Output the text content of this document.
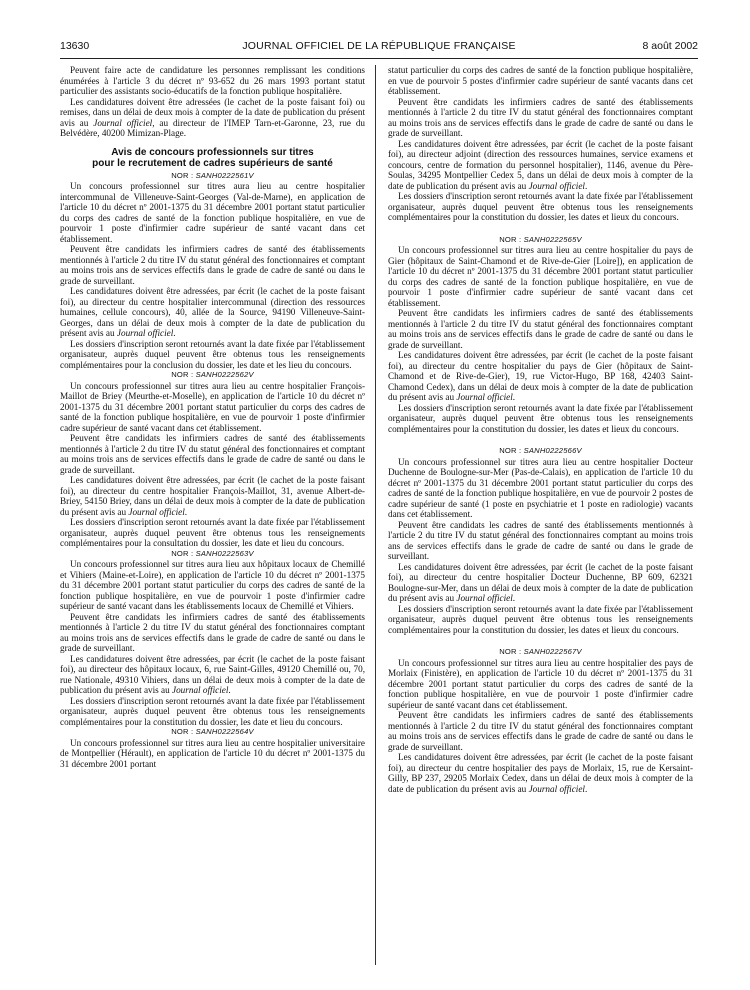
13630	JOURNAL OFFICIEL DE LA RÉPUBLIQUE FRANÇAISE	8 août 2002

Peuvent faire acte de candidature les personnes remplissant les conditions énumérées à l'article 3 du décret nº 93-652 du 26 mars 1993 portant statut particulier des assistants socio-éducatifs de la fonction publique hospitalière.

Les candidatures doivent être adressées (le cachet de la poste faisant foi) ou remises, dans un délai de deux mois à compter de la date de publication du présent avis au Journal officiel, au directeur de l'IMEP Tarn-et-Garonne, 23, rue du Belvédère, 40200 Mimizan-Plage.

Avis de concours professionnels sur titres
pour le recrutement de cadres supérieurs de santé

NOR : SANH0222561V

Un concours professionnel sur titres aura lieu au centre hospitalier intercommunal de Villeneuve-Saint-Georges (Val-de-Marne), en application de l'article 10 du décret nº 2001-1375 du 31 décembre 2001 portant statut particulier du corps des cadres de santé de la fonction publique hospitalière, en vue de pourvoir 1 poste d'infirmier cadre supérieur de santé vacant dans cet établissement.

Peuvent être candidats les infirmiers cadres de santé des établissements mentionnés à l'article 2 du titre IV du statut général des fonctionnaires et comptant au moins trois ans de services effectifs dans le grade de cadre de santé ou dans le grade de surveillant.

Les candidatures doivent être adressées, par écrit (le cachet de la poste faisant foi), au directeur du centre hospitalier intercommunal (direction des ressources humaines, cellule concours), 40, allée de la Source, 94190 Villeneuve-Saint-Georges, dans un délai de deux mois à compter de la date de publication du présent avis au Journal officiel.

Les dossiers d'inscription seront retournés avant la date fixée par l'établissement organisateur, auprès duquel peuvent être obtenus tous les renseignements complémentaires pour la conclusion du dossier, les date et les lieu du concours.

NOR : SANH0222562V

Un concours professionnel sur titres aura lieu au centre hospitalier François-Maillot de Briey (Meurthe-et-Moselle), en application de l'article 10 du décret nº 2001-1375 du 31 décembre 2001 portant statut particulier du corps des cadres de santé de la fonction publique hospitalière, en vue de pourvoir 1 poste d'infirmier cadre supérieur de santé vacant dans cet établissement.

Peuvent être candidats les infirmiers cadres de santé des établissements mentionnés à l'article 2 du titre IV du statut général des fonctionnaires et comptant au moins trois ans de services effectifs dans le grade de cadre de santé ou dans le grade de surveillant.

Les candidatures doivent être adressées, par écrit (le cachet de la poste faisant foi), au directeur du centre hospitalier François-Maillot, 31, avenue Albert-de-Briey, 54150 Briey, dans un délai de deux mois à compter de la date de publication du présent avis au Journal officiel.

Les dossiers d'inscription seront retournés avant la date fixée par l'établissement organisateur, auprès duquel peuvent être obtenus tous les renseignements complémentaires pour la consultation du dossier, les date et lieu du concours.

NOR : SANH0222563V

Un concours professionnel sur titres aura lieu aux hôpitaux locaux de Chemillé et Vihiers (Maine-et-Loire), en application de l'article 10 du décret nº 2001-1375 du 31 décembre 2001 portant statut particulier du corps des cadres de santé de la fonction publique hospitalière, en vue de pourvoir 1 poste d'infirmier cadre supérieur de santé vacant dans les établissements locaux de Chemillé et Vihiers.

Peuvent être candidats les infirmiers cadres de santé des établissements mentionnés à l'article 2 du titre IV du statut général des fonctionnaires comptant au moins trois ans de services effectifs dans le grade de cadre de santé ou dans le grade de surveillant.

Les candidatures doivent être adressées, par écrit (le cachet de la poste faisant foi), au directeur des hôpitaux locaux, 6, rue Saint-Gilles, 49120 Chemillé ou, 70, rue Nationale, 49310 Vihiers, dans un délai de deux mois à compter de la date de publication du présent avis au Journal officiel.

Les dossiers d'inscription seront retournés avant la date fixée par l'établissement organisateur, auprès duquel peuvent être obtenus tous les renseignements complémentaires pour la constitution du dossier, les date et lieu du concours.

NOR : SANH0222564V

Un concours professionnel sur titres aura lieu au centre hospitalier universitaire de Montpellier (Hérault), en application de l'article 10 du décret nº 2001-1375 du 31 décembre 2001 portant

statut particulier du corps des cadres de santé de la fonction publique hospitalière, en vue de pourvoir 5 postes d'infirmier cadre supérieur de santé vacants dans cet établissement.

Peuvent être candidats les infirmiers cadres de santé des établissements mentionnés à l'article 2 du titre IV du statut général des fonctionnaires comptant au moins trois ans de services effectifs dans le grade de cadre de santé ou dans le grade de surveillant.

Les candidatures doivent être adressées, par écrit (le cachet de la poste faisant foi), au directeur adjoint (direction des ressources humaines, service examens et concours, centre de formation du personnel hospitalier), 1146, avenue du Père-Soulas, 34295 Montpellier Cedex 5, dans un délai de deux mois à compter de la date de publication du présent avis au Journal officiel.

Les dossiers d'inscription seront retournés avant la date fixée par l'établissement organisateur, auprès duquel peuvent être obtenus tous les renseignements complémentaires pour la constitution du dossier, les dates et lieux du concours.

NOR : SANH0222565V

Un concours professionnel sur titres aura lieu au centre hospitalier du pays de Gier (hôpitaux de Saint-Chamond et de Rive-de-Gier [Loire]), en application de l'article 10 du décret nº 2001-1375 du 31 décembre 2001 portant statut particulier du corps des cadres de santé de la fonction publique hospitalière, en vue de pourvoir 1 poste d'infirmier cadre supérieur de santé vacant dans cet établissement.

Peuvent être candidats les infirmiers cadres de santé des établissements mentionnés à l'article 2 du titre IV du statut général des fonctionnaires comptant au moins trois ans de services effectifs dans le grade de cadre de santé ou dans le grade de surveillant.

Les candidatures doivent être adressées, par écrit (le cachet de la poste faisant foi), au directeur du centre hospitalier du pays de Gier (hôpitaux de Saint-Chamond et de Rive-de-Gier), 19, rue Victor-Hugo, BP 168, 42403 Saint-Chamond Cedex), dans un délai de deux mois à compter de la date de publication du présent avis au Journal officiel.

Les dossiers d'inscription seront retournés avant la date fixée par l'établissement organisateur, auprès duquel peuvent être obtenus tous les renseignements complémentaires pour la constitution du dossier, les dates et lieux du concours.

NOR : SANH0222566V

Un concours professionnel sur titres aura lieu au centre hospitalier Docteur Duchenne de Boulogne-sur-Mer (Pas-de-Calais), en application de l'article 10 du décret nº 2001-1375 du 31 décembre 2001 portant statut particulier du corps des cadres de santé de la fonction publique hospitalière, en vue de pourvoir 2 postes de cadre supérieur de santé (1 poste en psychiatrie et 1 poste en radiologie) vacants dans cet établissement.

Peuvent être candidats les cadres de santé des établissements mentionnés à l'article 2 du titre IV du statut général des fonctionnaires comptant au moins trois ans de services effectifs dans le grade de cadre de santé ou dans le grade de surveillant.

Les candidatures doivent être adressées, par écrit (le cachet de la poste faisant foi), au directeur du centre hospitalier Docteur Duchenne, BP 609, 62321 Boulogne-sur-Mer, dans un délai de deux mois à compter de la date de publication du présent avis au Journal officiel.

Les dossiers d'inscription seront retournés avant la date fixée par l'établissement organisateur, auprès duquel peuvent être obtenus tous les renseignements complémentaires pour la constitution du dossier, les dates et lieux du concours.

NOR : SANH0222567V

Un concours professionnel sur titres aura lieu au centre hospitalier des pays de Morlaix (Finistère), en application de l'article 10 du décret nº 2001-1375 du 31 décembre 2001 portant statut particulier du corps des cadres de santé de la fonction publique hospitalière, en vue de pourvoir 1 poste d'infirmier cadre supérieur de santé vacant dans cet établissement.

Peuvent être candidats les infirmiers cadres de santé des établissements mentionnés à l'article 2 du titre IV du statut général des fonctionnaires comptant au moins trois ans de services effectifs dans le grade de cadre de santé ou dans le grade de surveillant.

Les candidatures doivent être adressées, par écrit (le cachet de la poste faisant foi), au directeur du centre hospitalier des pays de Morlaix, 15, rue de Kersaint-Gilly, BP 237, 29205 Morlaix Cedex, dans un délai de deux mois à compter de la date de publication du présent avis au Journal officiel.
